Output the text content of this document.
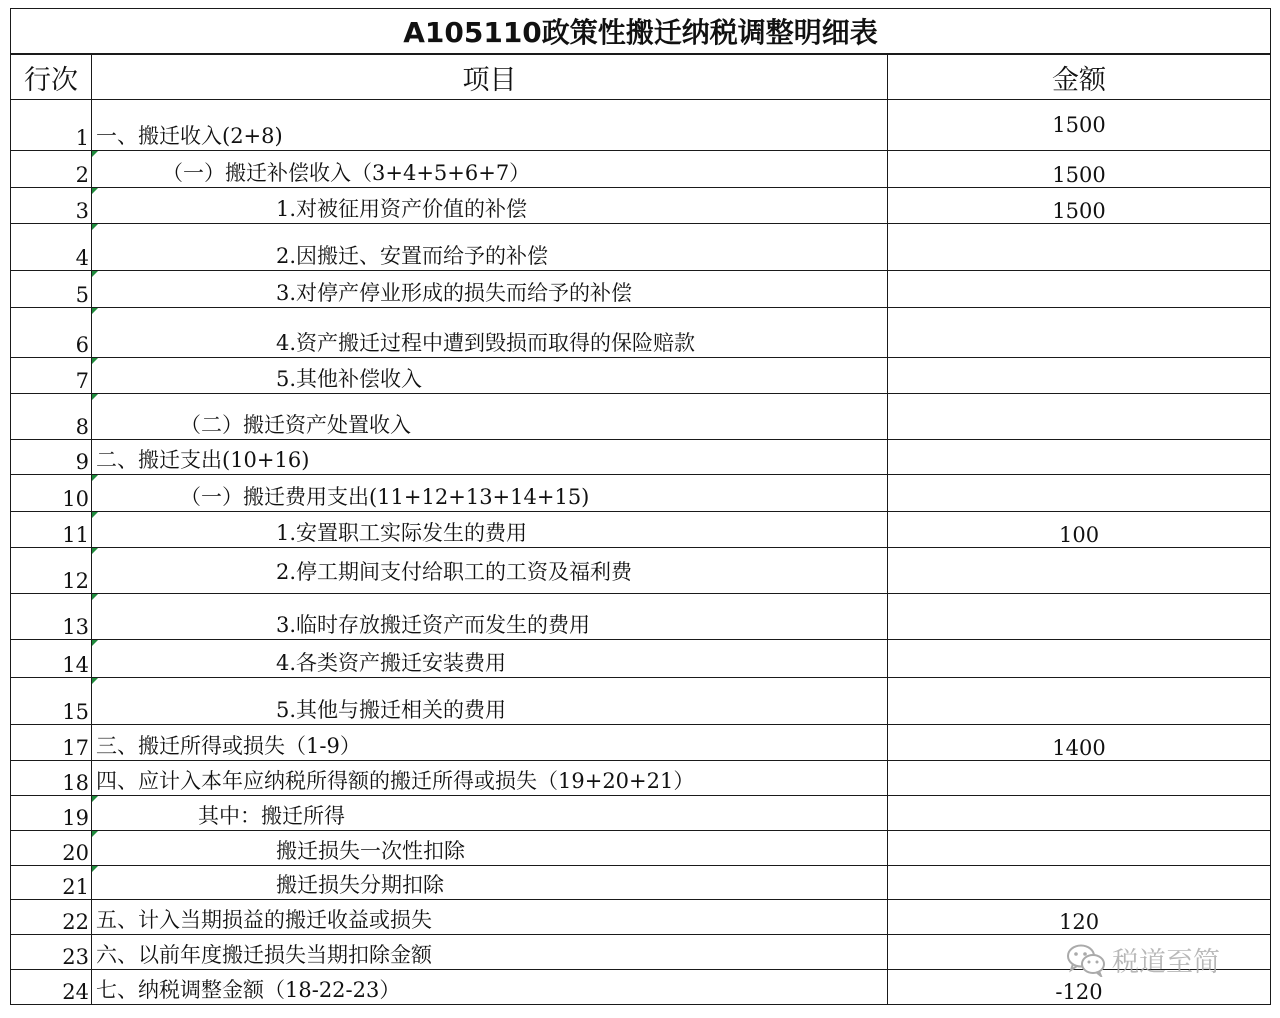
A105110政策性搬迁纳税调整明细表		
行次	项目	金额
1	一、搬迁收入(2+8)	1500
2	（一）搬迁补偿收入（3+4+5+6+7）	1500
3	1.对被征用资产价值的补偿	1500
4	2.因搬迁、安置而给予的补偿	
5	3.对停产停业形成的损失而给予的补偿	
6	4.资产搬迁过程中遭到毁损而取得的保险赔款	
7	5.其他补偿收入	
8	（二）搬迁资产处置收入	
9	二、搬迁支出(10+16)	
10	（一）搬迁费用支出(11+12+13+14+15)	
11	1.安置职工实际发生的费用	100
12	2.停工期间支付给职工的工资及福利费	
13	3.临时存放搬迁资产而发生的费用	
14	4.各类资产搬迁安装费用	
15	5.其他与搬迁相关的费用	
17	三、搬迁所得或损失（1-9）	1400
18	四、应计入本年应纳税所得额的搬迁所得或损失（19+20+21）	
19	其中：搬迁所得	
20	搬迁损失一次性扣除	
21	搬迁损失分期扣除	
22	五、计入当期损益的搬迁收益或损失	120
23	六、以前年度搬迁损失当期扣除金额	
24	七、纳税调整金额（18-22-23）	-120
税道至简
